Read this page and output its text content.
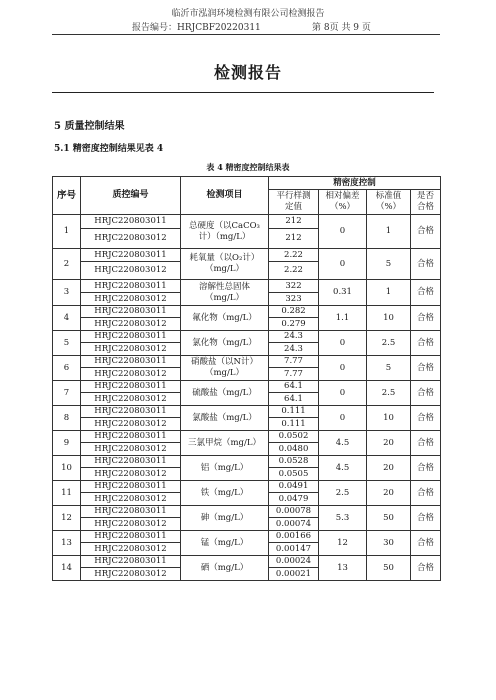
临沂市泓润环境检测有限公司检测报告
报告编号：HRJCBF20220311	第 8页 共 9 页
检测报告
5 质量控制结果
5.1 精密度控制结果见表 4
表 4 精密度控制结果表
序号	质控编号	检测项目	精密度控制			
			平行样测定值	相对偏差（%）	标准值（%）	是否合格
1	HRJC220803011	总硬度（以CaCO₃计）（mg/L）	212	0	1	合格
	HRJC220803012		212			
2	HRJC220803011	耗氧量（以O₂计）（mg/L）	2.22	0	5	合格
	HRJC220803012		2.22			
3	HRJC220803011	溶解性总固体（mg/L）	322	0.31	1	合格
	HRJC220803012		323			
4	HRJC220803011	氟化物（mg/L）	0.282	1.1	10	合格
	HRJC220803012		0.279			
5	HRJC220803011	氯化物（mg/L）	24.3	0	2.5	合格
	HRJC220803012		24.3			
6	HRJC220803011	硝酸盐（以N计）（mg/L）	7.77	0	5	合格
	HRJC220803012		7.77			
7	HRJC220803011	硫酸盐（mg/L）	64.1	0	2.5	合格
	HRJC220803012		64.1			
8	HRJC220803011	氯酸盐（mg/L）	0.111	0	10	合格
	HRJC220803012		0.111			
9	HRJC220803011	三氯甲烷（mg/L）	0.0502	4.5	20	合格
	HRJC220803012		0.0480			
10	HRJC220803011	铝（mg/L）	0.0528	4.5	20	合格
	HRJC220803012		0.0505			
11	HRJC220803011	铁（mg/L）	0.0491	2.5	20	合格
	HRJC220803012		0.0479			
12	HRJC220803011	砷（mg/L）	0.00078	5.3	50	合格
	HRJC220803012		0.00074			
13	HRJC220803011	锰（mg/L）	0.00166	12	30	合格
	HRJC220803012		0.00147			
14	HRJC220803011	硒（mg/L）	0.00024	13	50	合格
	HRJC220803012		0.00021			
